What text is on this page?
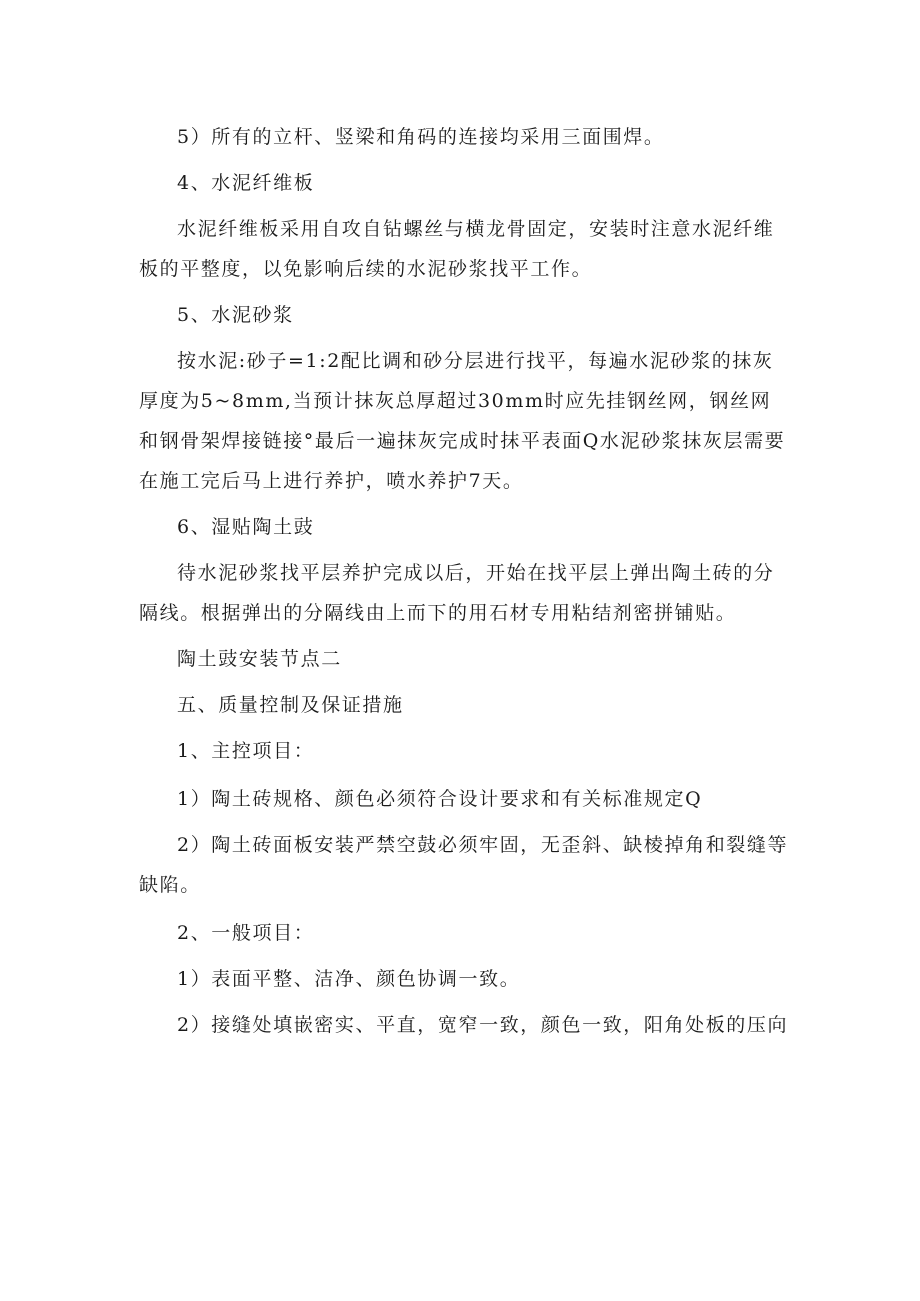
5）所有的立杆、竖梁和角码的连接均采用三面围焊。

4、水泥纤维板

水泥纤维板采用自攻自钻螺丝与横龙骨固定，安装时注意水泥纤维板的平整度，以免影响后续的水泥砂浆找平工作。

5、水泥砂浆

按水泥:砂子=1:2配比调和砂分层进行找平，每遍水泥砂浆的抹灰厚度为5~8mm,当预计抹灰总厚超过30mm时应先挂钢丝网，钢丝网和钢骨架焊接链接°最后一遍抹灰完成时抹平表面Q水泥砂浆抹灰层需要在施工完后马上进行养护，喷水养护7天。

6、湿贴陶土豉

待水泥砂浆找平层养护完成以后，开始在找平层上弹出陶土砖的分隔线。根据弹出的分隔线由上而下的用石材专用粘结剂密拼铺贴。

陶土豉安装节点二

五、质量控制及保证措施

1、主控项目：

1）陶土砖规格、颜色必须符合设计要求和有关标准规定Q

2）陶土砖面板安装严禁空鼓必须牢固，无歪斜、缺棱掉角和裂缝等缺陷。

2、一般项目：

1）表面平整、洁净、颜色协调一致。

2）接缝处填嵌密实、平直，宽窄一致，颜色一致，阳角处板的压向
